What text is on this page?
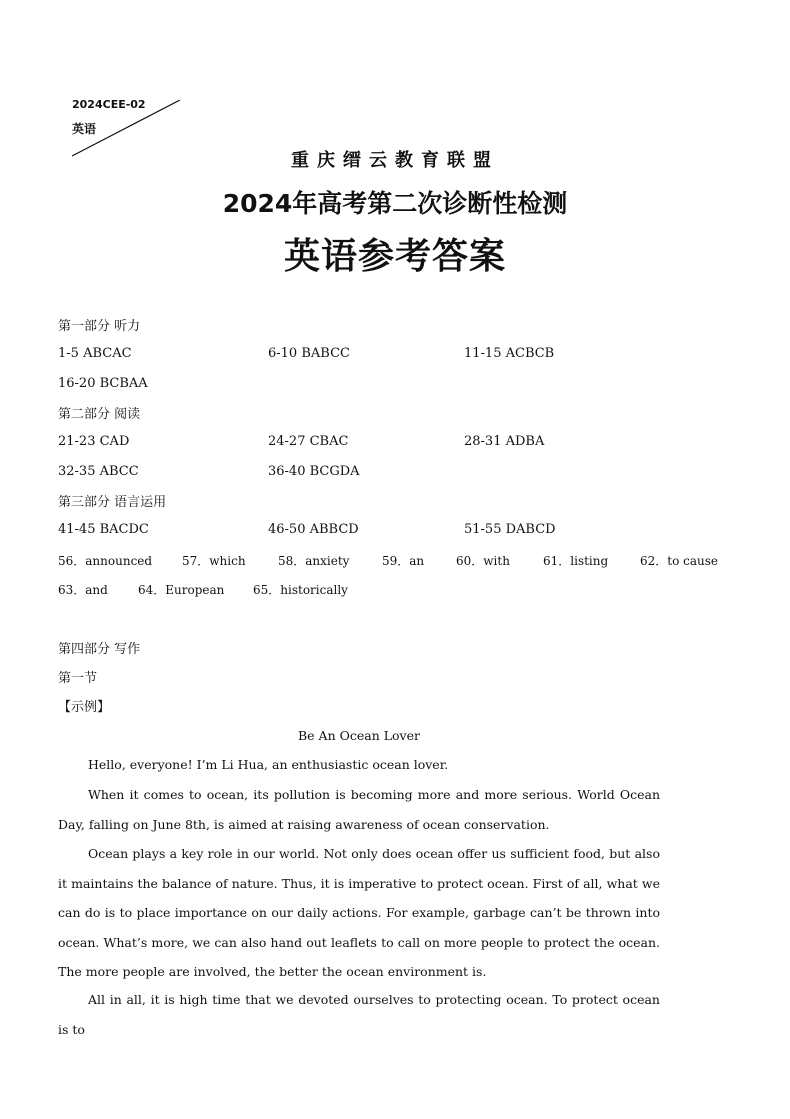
2024CEE-02
英语
重庆缙云教育联盟
2024年高考第二次诊断性检测
英语参考答案
第一部分 听力
1-5 ABCAC	6-10 BABCC	11-15 ACBCB
16-20 BCBAA
第二部分 阅读
21-23 CAD	24-27 CBAC	28-31 ADBA
32-35 ABCC	36-40 BCGDA
第三部分 语言运用
41-45 BACDC	46-50 ABBCD	51-55 DABCD
56．announced 57．which	58．anxiety	59．an	60．with	61．listing	62．to cause
63．and	64．European 65．historically
第四部分 写作
第一节
【示例】
Be An Ocean Lover
Hello, everyone! I’m Li Hua, an enthusiastic ocean lover.
When it comes to ocean, its pollution is becoming more and more serious. World Ocean Day, falling on June 8th, is aimed at raising awareness of ocean conservation.
Ocean plays a key role in our world. Not only does ocean offer us sufficient food, but also it maintains the balance of nature. Thus, it is imperative to protect ocean. First of all, what we can do is to place importance on our daily actions. For example, garbage can’t be thrown into ocean. What’s more, we can also hand out leaflets to call on more people to protect the ocean. The more people are involved, the better the ocean environment is.
All in all, it is high time that we devoted ourselves to protecting ocean. To protect ocean is to
